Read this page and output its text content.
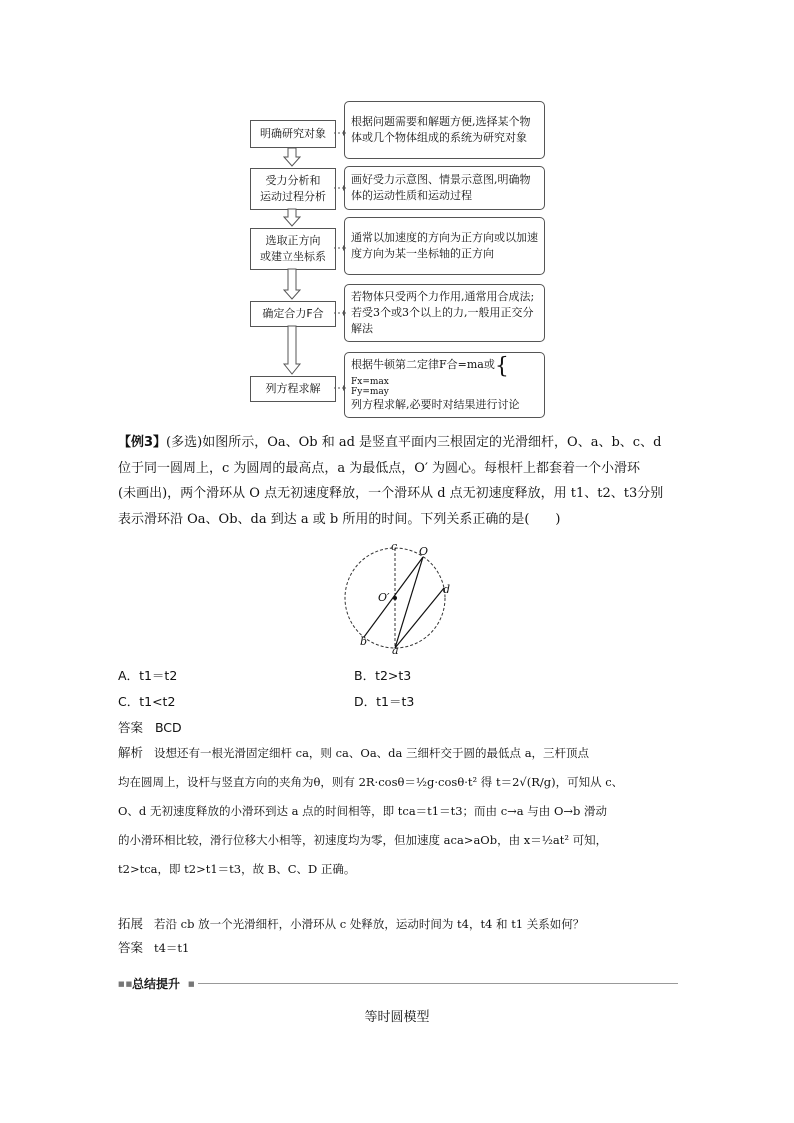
明确研究对象
根据问题需要和解题方便,选择某个物体或几个物体组成的系统为研究对象
受力分析和
运动过程分析
画好受力示意图、情景示意图,明确物体的运动性质和运动过程
选取正方向
或建立坐标系
通常以加速度的方向为正方向或以加速度方向为某一坐标轴的正方向
确定合力F合
若物体只受两个力作用,通常用合成法;若受3个或3个以上的力,一般用正交分解法
列方程求解
根据牛顿第二定律F合=ma或{
Fx=max
Fy=may

列方程求解,必要时对结果进行讨论
【例3】(多选)如图所示，Oa、Ob 和 ad 是竖直平面内三根固定的光滑细杆，O、a、b、c、d
位于同一圆周上，c 为圆周的最高点，a 为最低点，O′ 为圆心。每根杆上都套着一个小滑环
(未画出)，两个滑环从 O 点无初速度释放，一个滑环从 d 点无初速度释放，用 t1、t2、t3分别
表示滑环沿 Oa、Ob、da 到达 a 或 b 所用的时间。下列关系正确的是(　　)
c O
O′
d
b
a
A．t1＝t2	B．t2>t3
C．t1<t2	D．t1＝t3
答案 BCD
解析 设想还有一根光滑固定细杆 ca，则 ca、Oa、da 三细杆交于圆的最低点 a，三杆顶点
均在圆周上，设杆与竖直方向的夹角为θ，则有 2R·cosθ＝½g·cosθ·t² 得 t＝2√(R/g)，可知从 c、
O、d 无初速度释放的小滑环到达 a 点的时间相等，即 tca＝t1＝t3；而由 c→a 与由 O→b 滑动
的小滑环相比较，滑行位移大小相等，初速度均为零，但加速度 aca>aOb，由 x＝½at² 可知，
t2>tca，即 t2>t1＝t3，故 B、C、D 正确。
拓展 若沿 cb 放一个光滑细杆，小滑环从 c 处释放，运动时间为 t4，t4 和 t1 关系如何？
答案 t4＝t1
■■
总结提升 ■
等时圆模型
